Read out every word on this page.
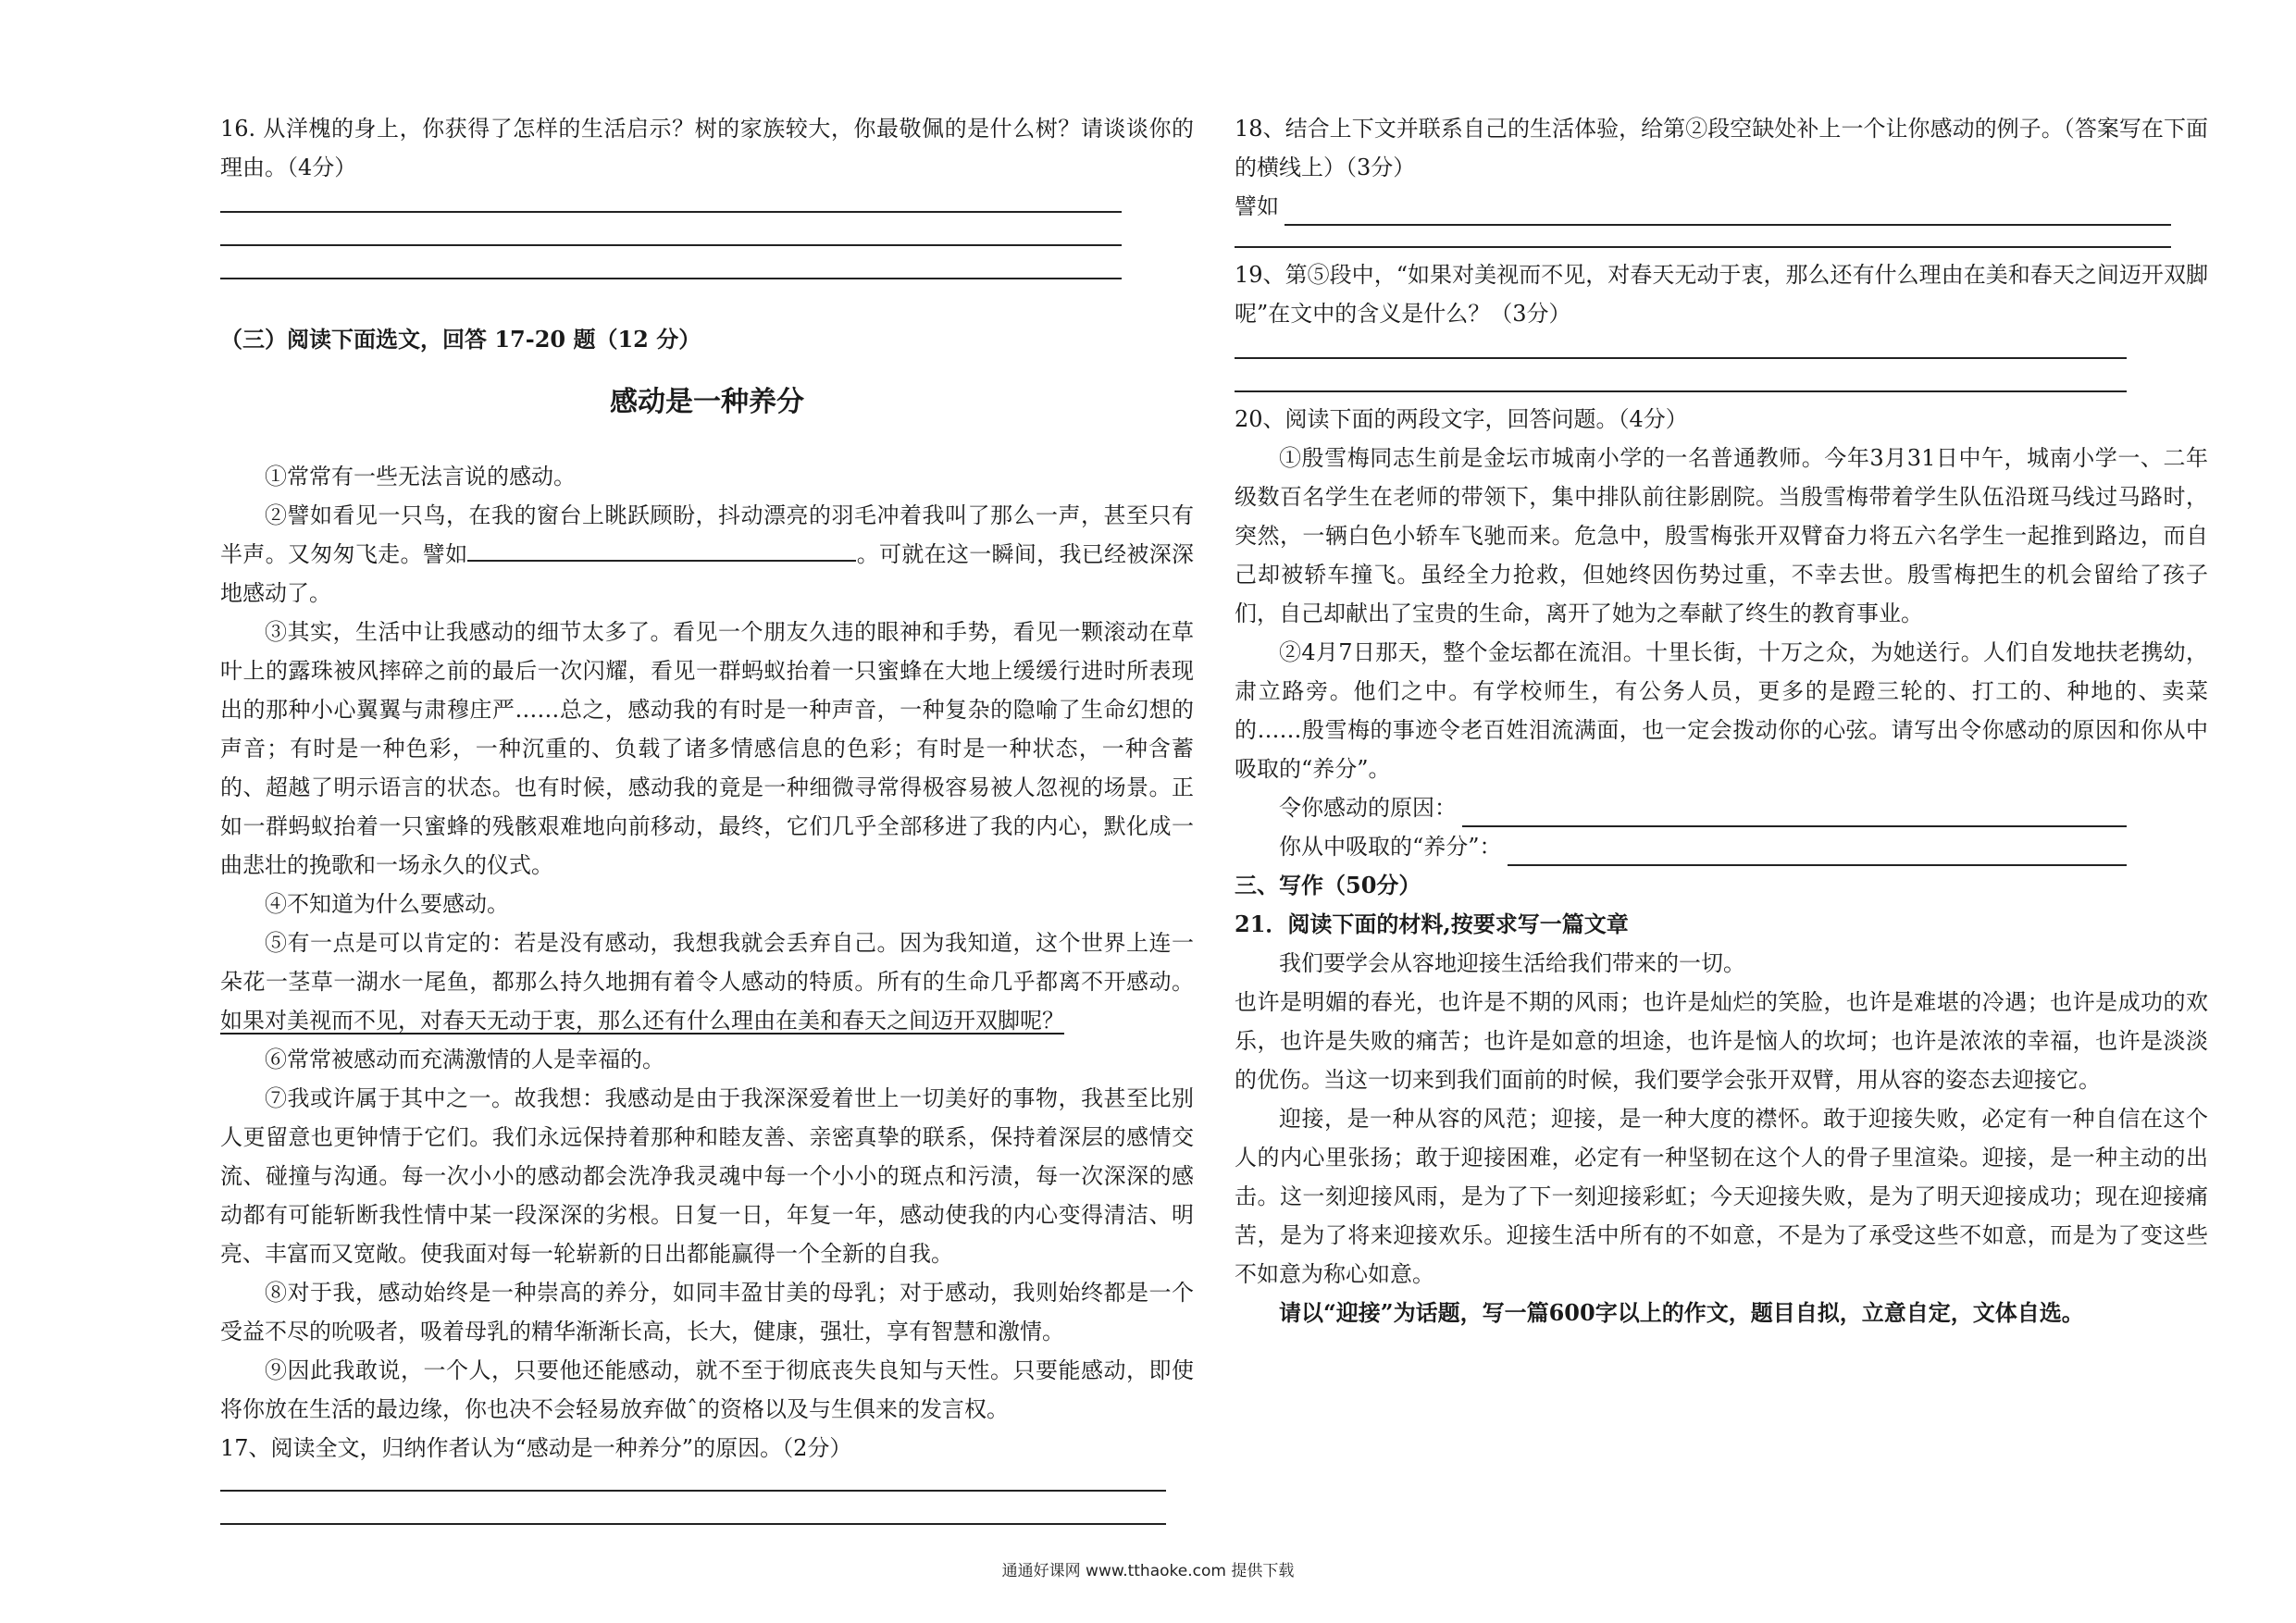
16. 从洋槐的身上，你获得了怎样的生活启示？树的家族较大，你最敬佩的是什么树？请谈谈你的理由。（4分）

（三）阅读下面选文，回答 17-20 题（12 分）

感动是一种养分

①常常有一些无法言说的感动。

②譬如看见一只鸟，在我的窗台上眺跃顾盼，抖动漂亮的羽毛冲着我叫了那么一声，甚至只有半声。又匆匆飞走。譬如	。可就在这一瞬间，我已经被深深地感动了。

③其实，生活中让我感动的细节太多了。看见一个朋友久违的眼神和手势，看见一颗滚动在草叶上的露珠被风摔碎之前的最后一次闪耀，看见一群蚂蚁抬着一只蜜蜂在大地上缓缓行进时所表现出的那种小心翼翼与肃穆庄严……总之，感动我的有时是一种声音，一种复杂的隐喻了生命幻想的声音；有时是一种色彩，一种沉重的、负载了诸多情感信息的色彩；有时是一种状态，一种含蓄的、超越了明示语言的状态。也有时候，感动我的竟是一种细微寻常得极容易被人忽视的场景。正如一群蚂蚁抬着一只蜜蜂的残骸艰难地向前移动，最终，它们几乎全部移进了我的内心，默化成一曲悲壮的挽歌和一场永久的仪式。

④不知道为什么要感动。

⑤有一点是可以肯定的：若是没有感动，我想我就会丢弃自己。因为我知道，这个世界上连一朵花一茎草一湖水一尾鱼，都那么持久地拥有着令人感动的特质。所有的生命几乎都离不开感动。如果对美视而不见，对春天无动于衷，那么还有什么理由在美和春天之间迈开双脚呢？

⑥常常被感动而充满激情的人是幸福的。

⑦我或许属于其中之一。故我想：我感动是由于我深深爱着世上一切美好的事物，我甚至比别人更留意也更钟情于它们。我们永远保持着那种和睦友善、亲密真挚的联系，保持着深层的感情交流、碰撞与沟通。每一次小小的感动都会洗净我灵魂中每一个小小的斑点和污渍，每一次深深的感动都有可能斩断我性情中某一段深深的劣根。日复一日，年复一年，感动使我的内心变得清洁、明亮、丰富而又宽敞。使我面对每一轮崭新的日出都能赢得一个全新的自我。

⑧对于我，感动始终是一种崇高的养分，如同丰盈甘美的母乳；对于感动，我则始终都是一个受益不尽的吮吸者，吸着母乳的精华渐渐长高，长大，健康，强壮，享有智慧和激情。

⑨因此我敢说，一个人，只要他还能感动，就不至于彻底丧失良知与天性。只要能感动，即使将你放在生活的最边缘，你也决不会轻易放弃做ˆ的资格以及与生俱来的发言权。

17、阅读全文，归纳作者认为“感动是一种养分”的原因。（2分）

18、结合上下文并联系自己的生活体验，给第②段空缺处补上一个让你感动的例子。（答案写在下面的横线上）（3分）

譬如

19、第⑤段中，“如果对美视而不见，对春天无动于衷，那么还有什么理由在美和春天之间迈开双脚呢”在文中的含义是什么？（3分）

20、阅读下面的两段文字，回答问题。（4分）

①殷雪梅同志生前是金坛市城南小学的一名普通教师。今年3月31日中午，城南小学一、二年级数百名学生在老师的带领下，集中排队前往影剧院。当殷雪梅带着学生队伍沿斑马线过马路时，突然，一辆白色小轿车飞驰而来。危急中，殷雪梅张开双臂奋力将五六名学生一起推到路边，而自己却被轿车撞飞。虽经全力抢救，但她终因伤势过重，不幸去世。殷雪梅把生的机会留给了孩子们，自己却献出了宝贵的生命，离开了她为之奉献了终生的教育事业。

②4月7日那天，整个金坛都在流泪。十里长街，十万之众，为她送行。人们自发地扶老携幼，肃立路旁。他们之中。有学校师生，有公务人员，更多的是蹬三轮的、打工的、种地的、卖菜的……殷雪梅的事迹令老百姓泪流满面，也一定会拨动你的心弦。请写出令你感动的原因和你从中吸取的“养分”。

令你感动的原因：
你从中吸取的“养分”：

三、写作（50分）

21．阅读下面的材料,按要求写一篇文章

我们要学会从容地迎接生活给我们带来的一切。

也许是明媚的春光，也许是不期的风雨；也许是灿烂的笑脸，也许是难堪的冷遇；也许是成功的欢乐，也许是失败的痛苦；也许是如意的坦途，也许是恼人的坎坷；也许是浓浓的幸福，也许是淡淡的优伤。当这一切来到我们面前的时候，我们要学会张开双臂，用从容的姿态去迎接它。

迎接，是一种从容的风范；迎接，是一种大度的襟怀。敢于迎接失败，必定有一种自信在这个人的内心里张扬；敢于迎接困难，必定有一种坚韧在这个人的骨子里渲染。迎接，是一种主动的出击。这一刻迎接风雨，是为了下一刻迎接彩虹；今天迎接失败，是为了明天迎接成功；现在迎接痛苦，是为了将来迎接欢乐。迎接生活中所有的不如意，不是为了承受这些不如意，而是为了变这些不如意为称心如意。

请以“迎接”为话题，写一篇600字以上的作文，题目自拟，立意自定，文体自选。

通通好课网 www.tthaoke.com 提供下载
